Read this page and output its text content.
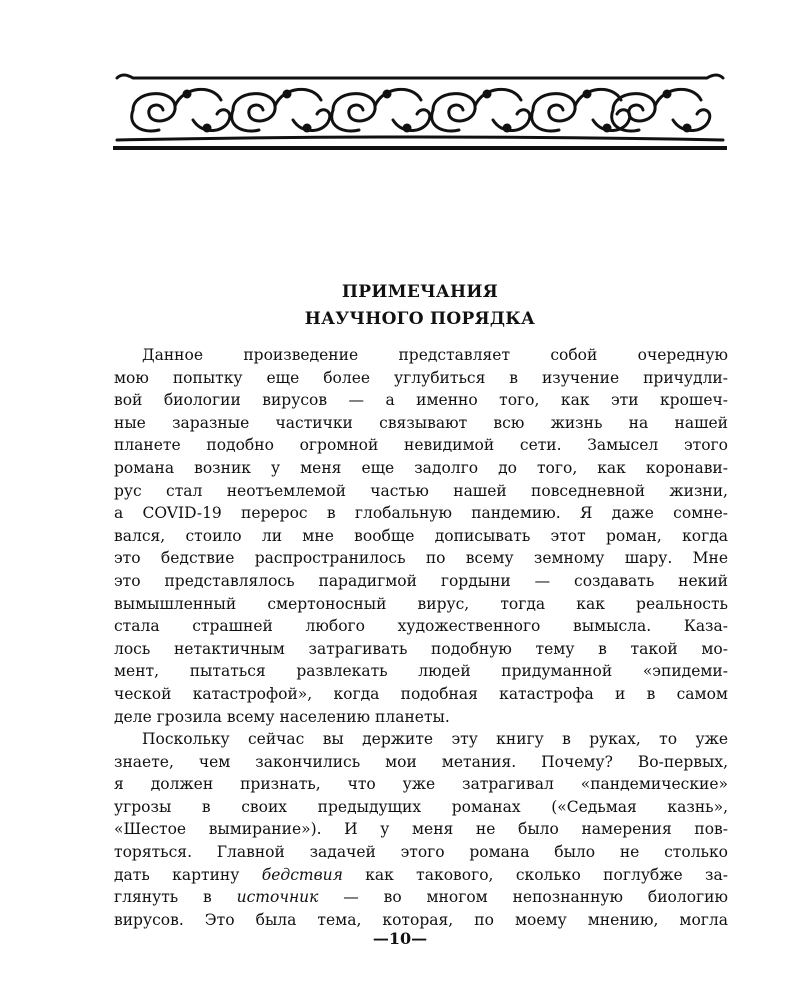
ПРИМЕЧАНИЯ
НАУЧНОГО ПОРЯДКА
Данное произведение представляет собой очередную
мою попытку еще более углубиться в изучение причудли-
вой биологии вирусов — а именно того, как эти крошеч-
ные заразные частички связывают всю жизнь на нашей
планете подобно огромной невидимой сети. Замысел этого
романа возник у меня еще задолго до того, как коронави-
рус стал неотъемлемой частью нашей повседневной жизни,
а COVID-19 перерос в глобальную пандемию. Я даже сомне-
вался, стоило ли мне вообще дописывать этот роман, когда
это бедствие распространилось по всему земному шару. Мне
это представлялось парадигмой гордыни — создавать некий
вымышленный смертоносный вирус, тогда как реальность
стала страшней любого художественного вымысла. Каза-
лось нетактичным затрагивать подобную тему в такой мо-
мент, пытаться развлекать людей придуманной «эпидеми-
ческой катастрофой», когда подобная катастрофа и в самом
деле грозила всему населению планеты.
Поскольку сейчас вы держите эту книгу в руках, то уже
знаете, чем закончились мои метания. Почему? Во-первых,
я должен признать, что уже затрагивал «пандемические»
угрозы в своих предыдущих романах («Седьмая казнь»,
«Шестое вымирание»). И у меня не было намерения пов-
торяться. Главной задачей этого романа было не столько
дать картину бедствия как такового, сколько поглубже за-
глянуть в источник — во многом непознанную биологию
вирусов. Это была тема, которая, по моему мнению, могла
—10—
